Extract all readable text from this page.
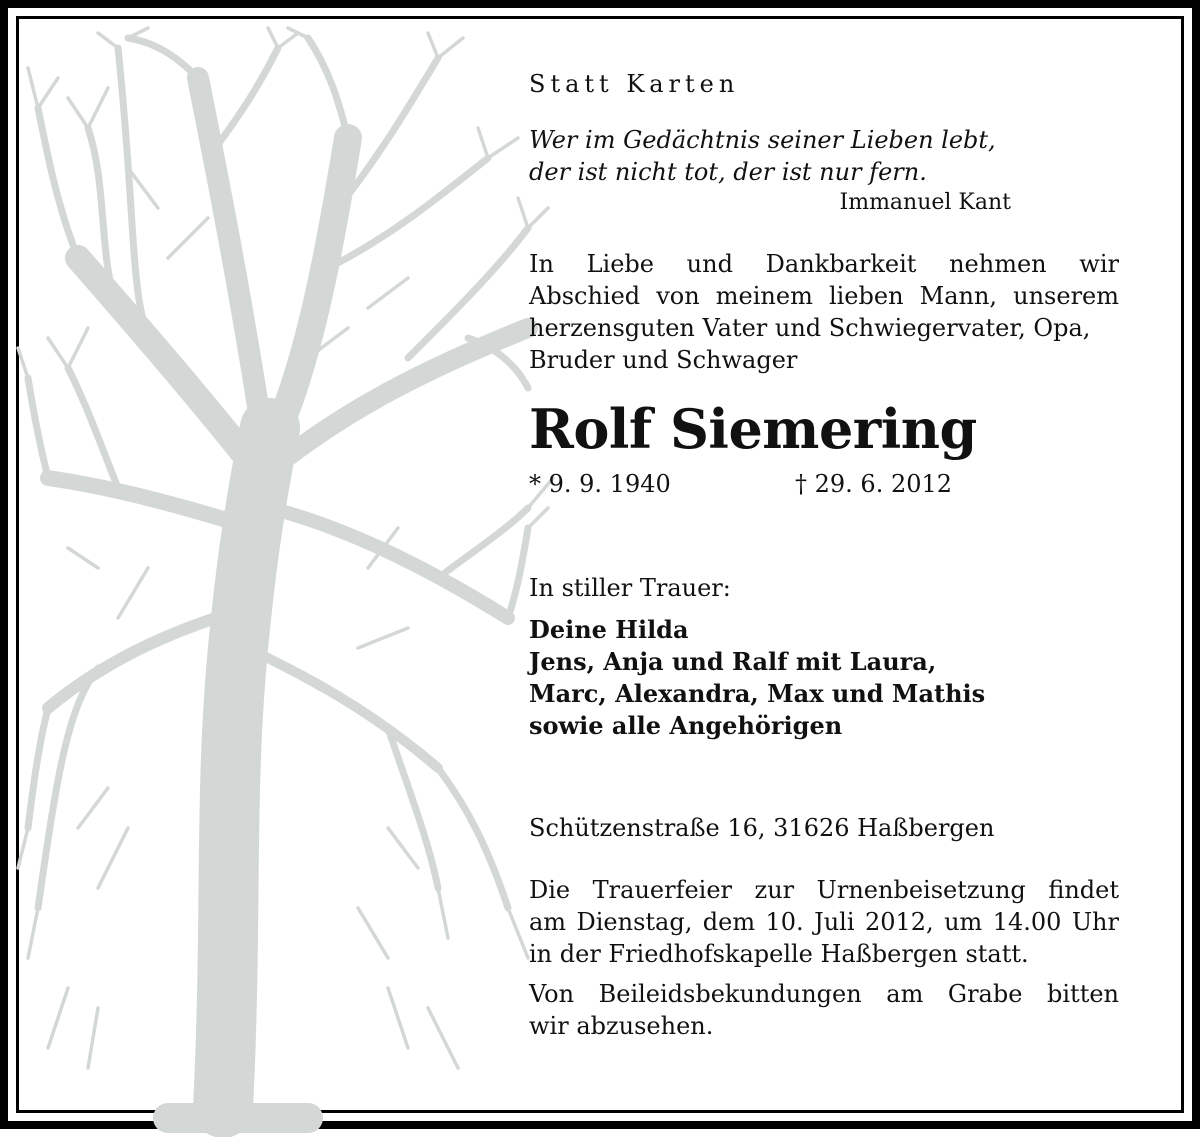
Statt Karten
Wer im Gedächtnis seiner Lieben lebt,
der ist nicht tot, der ist nur fern.
Immanuel Kant
In Liebe und Dankbarkeit nehmen wir
Abschied von meinem lieben Mann, unserem
herzensguten Vater und Schwiegervater, Opa,
Bruder und Schwager
Rolf Siemering
* 9. 9. 1940	† 29. 6. 2012
In stiller Trauer:
Deine Hilda
Jens, Anja und Ralf mit Laura,
Marc, Alexandra, Max und Mathis
sowie alle Angehörigen
Schützenstraße 16, 31626 Haßbergen
Die Trauerfeier zur Urnenbeisetzung findet
am Dienstag, dem 10. Juli 2012, um 14.00 Uhr
in der Friedhofskapelle Haßbergen statt.
Von Beileidsbekundungen am Grabe bitten
wir abzusehen.
